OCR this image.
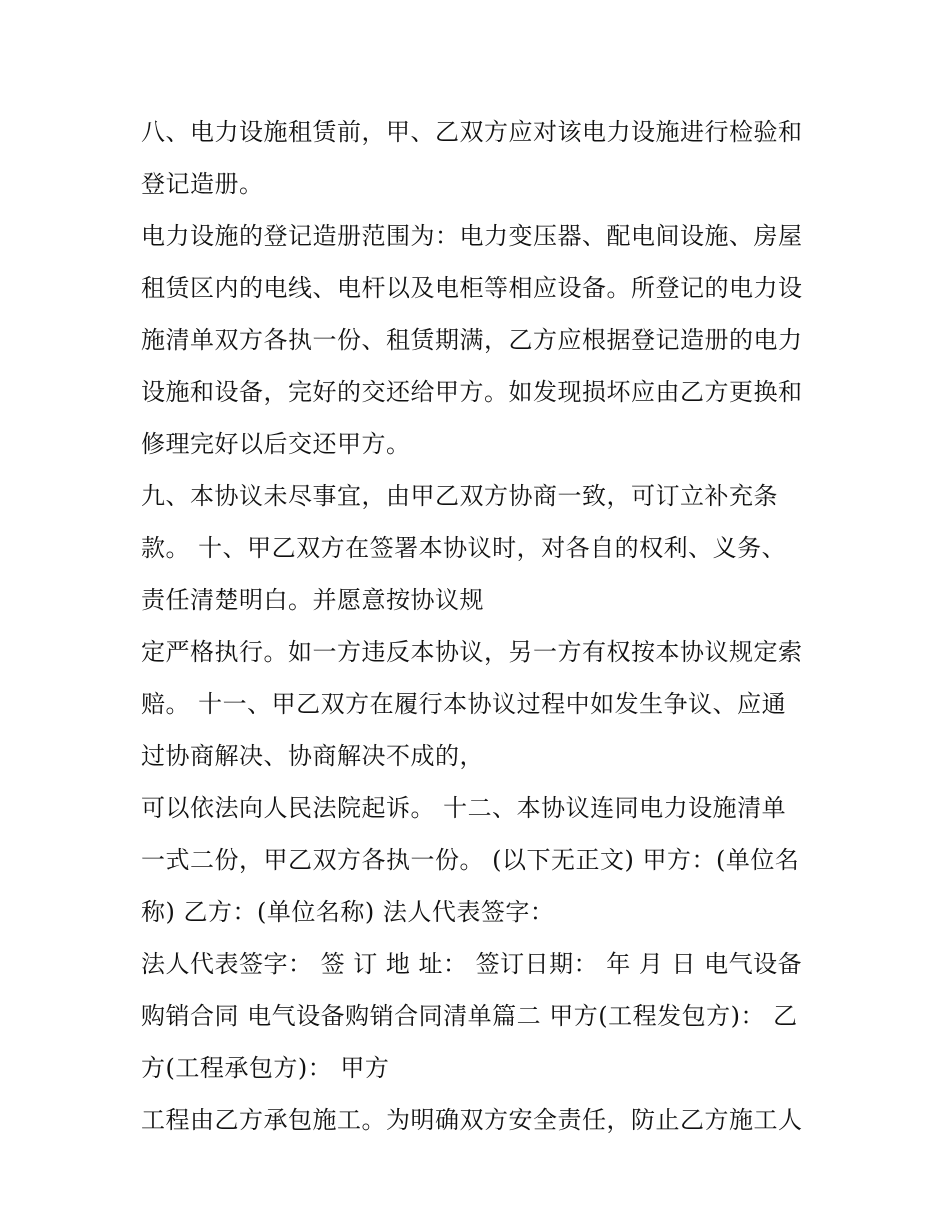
八、电力设施租赁前，甲、乙双方应对该电力设施进行检验和
登记造册。
电力设施的登记造册范围为：电力变压器、配电间设施、房屋
租赁区内的电线、电杆以及电柜等相应设备。所登记的电力设
施清单双方各执一份、租赁期满，乙方应根据登记造册的电力
设施和设备，完好的交还给甲方。如发现损坏应由乙方更换和
修理完好以后交还甲方。
九、本协议未尽事宜，由甲乙双方协商一致，可订立补充条
款。 十、甲乙双方在签署本协议时，对各自的权利、义务、
责任清楚明白。并愿意按协议规
定严格执行。如一方违反本协议，另一方有权按本协议规定索
赔。 十一、甲乙双方在履行本协议过程中如发生争议、应通
过协商解决、协商解决不成的，
可以依法向人民法院起诉。 十二、本协议连同电力设施清单
一式二份，甲乙双方各执一份。 (以下无正文) 甲方：(单位名
称) 乙方：(单位名称) 法人代表签字：
法人代表签字： 签 订 地 址： 签订日期： 年 月 日 电气设备
购销合同 电气设备购销合同清单篇二 甲方(工程发包方)： 乙
方(工程承包方)： 甲方
工程由乙方承包施工。为明确双方安全责任，防止乙方施工人
